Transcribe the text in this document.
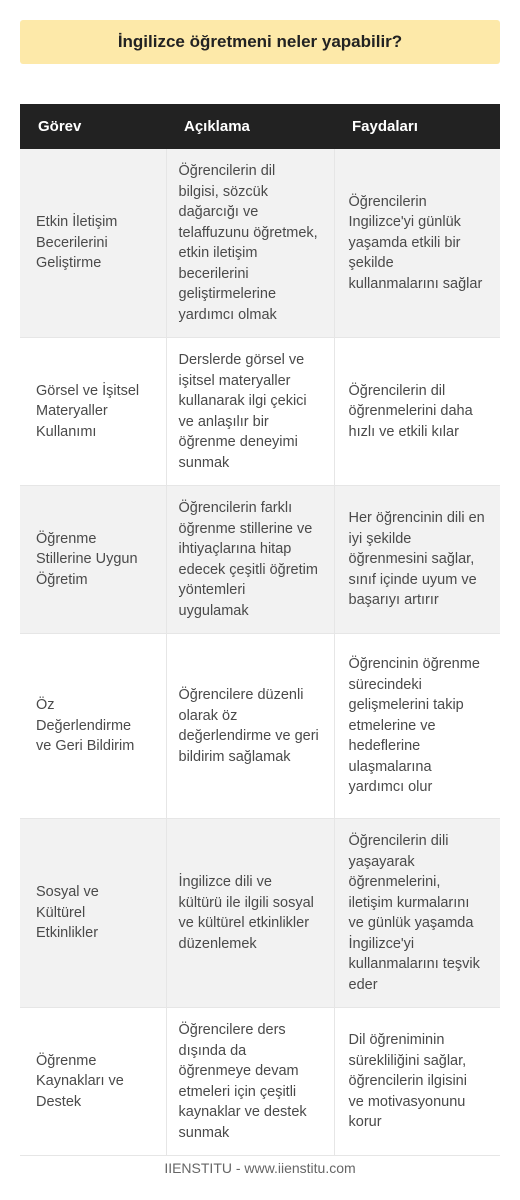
İngilizce öğretmeni neler yapabilir?
Görev	Açıklama	Faydaları
Etkin İletişim Becerilerini Geliştirme	Öğrencilerin dil bilgisi, sözcük dağarcığı ve telaffuzunu öğretmek, etkin iletişim becerilerini geliştirmelerine yardımcı olmak	Öğrencilerin Ingilizce'yi günlük yaşamda etkili bir şekilde kullanmalarını sağlar
Görsel ve İşitsel Materyaller Kullanımı	Derslerde görsel ve işitsel materyaller kullanarak ilgi çekici ve anlaşılır bir öğrenme deneyimi sunmak	Öğrencilerin dil öğrenmelerini daha hızlı ve etkili kılar
Öğrenme Stillerine Uygun Öğretim	Öğrencilerin farklı öğrenme stillerine ve ihtiyaçlarına hitap edecek çeşitli öğretim yöntemleri uygulamak	Her öğrencinin dili en iyi şekilde öğrenmesini sağlar, sınıf içinde uyum ve başarıyı artırır
Öz Değerlendirme ve Geri Bildirim	Öğrencilere düzenli olarak öz değerlendirme ve geri bildirim sağlamak	Öğrencinin öğrenme sürecindeki gelişmelerini takip etmelerine ve hedeflerine ulaşmalarına yardımcı olur
Sosyal ve Kültürel Etkinlikler	İngilizce dili ve kültürü ile ilgili sosyal ve kültürel etkinlikler düzenlemek	Öğrencilerin dili yaşayarak öğrenmelerini, iletişim kurmalarını ve günlük yaşamda İngilizce'yi kullanmalarını teşvik eder
Öğrenme Kaynakları ve Destek	Öğrencilere ders dışında da öğrenmeye devam etmeleri için çeşitli kaynaklar ve destek sunmak	Dil öğreniminin sürekliliğini sağlar, öğrencilerin ilgisini ve motivasyonunu korur
IIENSTITU - www.iienstitu.com
